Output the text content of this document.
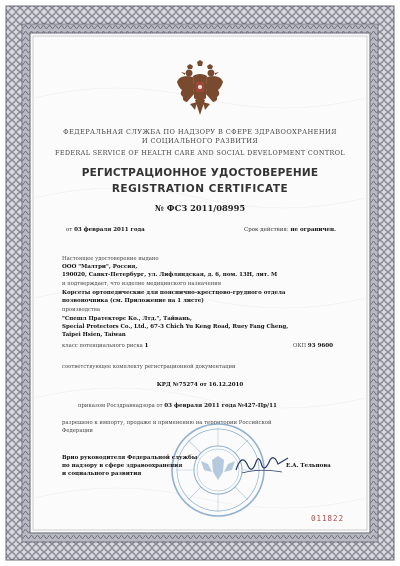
ФЕДЕРАЛЬНАЯ СЛУЖБА ПО НАДЗОРУ В СФЕРЕ ЗДРАВООХРАНЕНИЯ
И СОЦИАЛЬНОГО РАЗВИТИЯ
FEDERAL SERVICE OF HEALTH CARE AND SOCIAL DEVELOPMENT CONTROL
РЕГИСТРАЦИОННОЕ УДОСТОВЕРЕНИЕ
REGISTRATION CERTIFICATE
№ ФСЗ 2011/08995
от 03 февраля 2011 года	Срок действия: не ограничен.
Настоящее удостоверение выдано
ООО "Малтри", Россия,
190020, Санкт-Петербург, ул. Лифляндская, д. 6, пом. 13Н, лит. М
и подтверждает, что изделие медицинского назначения
Корсеты ортопедические для пояснично-крестцово-грудного отдела
позвоночника (см. Приложение на 1 листе)
производства
"Спешл Пратекторс Ко., Лтд.", Тайвань,
Special Protectors Co., Ltd., 67-3 Chich Yu Keng Road, Ruey Fang Cheng,
Taipei Hsien, Taiwan
класс потенциального риска 1	ОКП 93 9600
соответствующее комплекту регистрационной документации
КРД №75274 от 16.12.2010
приказом Росздравнадзора от 03 февраля 2011 года №427-Пр/11
разрешено к импорту, продаже и применению на территории Российской
Федерации
Врио руководителя Федеральной службы
по надзору в сфере здравоохранения
и социального развития
Е.А. Тельнова
011822
